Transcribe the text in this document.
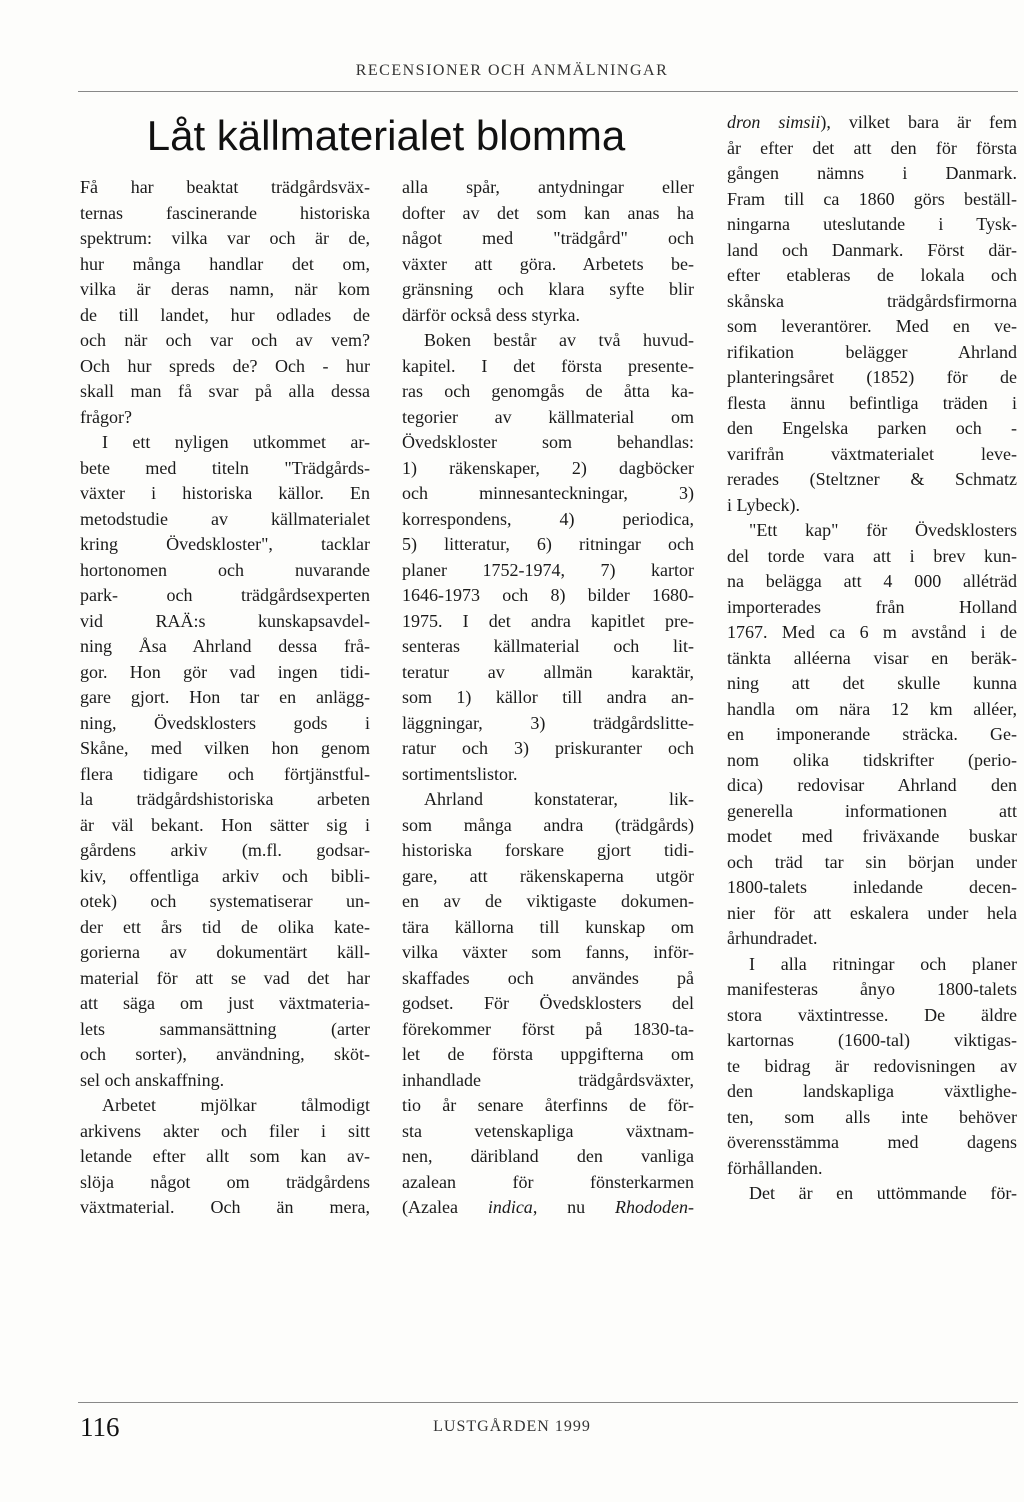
RECENSIONER OCH ANMÄLNINGAR
Låt källmaterialet blomma
Få har beaktat trädgårdsväx-
ternas fascinerande historiska
spektrum: vilka var och är de,
hur många handlar det om,
vilka är deras namn, när kom
de till landet, hur odlades de
och när och var och av vem?
Och hur spreds de? Och - hur
skall man få svar på alla dessa
frågor?
I ett nyligen utkommet ar-
bete med titeln "Trädgårds-
växter i historiska källor. En
metodstudie av källmaterialet
kring Övedskloster", tacklar
hortonomen och nuvarande
park- och trädgårdsexperten
vid RAÄ:s kunskapsavdel-
ning Åsa Ahrland dessa frå-
gor. Hon gör vad ingen tidi-
gare gjort. Hon tar en anlägg-
ning, Övedsklosters gods i
Skåne, med vilken hon genom
flera tidigare och förtjänstful-
la trädgårdshistoriska arbeten
är väl bekant. Hon sätter sig i
gårdens arkiv (m.fl. godsar-
kiv, offentliga arkiv och bibli-
otek) och systematiserar un-
der ett års tid de olika kate-
gorierna av dokumentärt käll-
material för att se vad det har
att säga om just växtmateria-
lets sammansättning (arter
och sorter), användning, sköt-
sel och anskaffning.
Arbetet mjölkar tålmodigt
arkivens akter och filer i sitt
letande efter allt som kan av-
slöja något om trädgårdens
växtmaterial. Och än mera,
alla spår, antydningar eller
dofter av det som kan anas ha
något med "trädgård" och
växter att göra. Arbetets be-
gränsning och klara syfte blir
därför också dess styrka.
Boken består av två huvud-
kapitel. I det första presente-
ras och genomgås de åtta ka-
tegorier av källmaterial om
Övedskloster som behandlas:
1) räkenskaper, 2) dagböcker
och minnesanteckningar, 3)
korrespondens, 4) periodica,
5) litteratur, 6) ritningar och
planer 1752-1974, 7) kartor
1646-1973 och 8) bilder 1680-
1975. I det andra kapitlet pre-
senteras källmaterial och lit-
teratur av allmän karaktär,
som 1) källor till andra an-
läggningar, 3) trädgårdslitte-
ratur och 3) priskuranter och
sortimentslistor.
Ahrland konstaterar, lik-
som många andra (trädgårds)
historiska forskare gjort tidi-
gare, att räkenskaperna utgör
en av de viktigaste dokumen-
tära källorna till kunskap om
vilka växter som fanns, inför-
skaffades och användes på
godset. För Övedsklosters del
förekommer först på 1830-ta-
let de första uppgifterna om
inhandlade trädgårdsväxter,
tio år senare återfinns de för-
sta vetenskapliga växtnam-
nen, däribland den vanliga
azalean för fönsterkarmen
(Azalea indica, nu Rhododen-
dron simsii), vilket bara är fem
år efter det att den för första
gången nämns i Danmark.
Fram till ca 1860 görs beställ-
ningarna uteslutande i Tysk-
land och Danmark. Först där-
efter etableras de lokala och
skånska trädgårdsfirmorna
som leverantörer. Med en ve-
rifikation belägger Ahrland
planteringsåret (1852) för de
flesta ännu befintliga träden i
den Engelska parken och -
varifrån växtmaterialet leve-
rerades (Steltzner & Schmatz
i Lybeck).
"Ett kap" för Övedsklosters
del torde vara att i brev kun-
na belägga att 4 000 alléträd
importerades från Holland
1767. Med ca 6 m avstånd i de
tänkta alléerna visar en beräk-
ning att det skulle kunna
handla om nära 12 km alléer,
en imponerande sträcka. Ge-
nom olika tidskrifter (perio-
dica) redovisar Ahrland den
generella informationen att
modet med friväxande buskar
och träd tar sin början under
1800-talets inledande decen-
nier för att eskalera under hela
århundradet.
I alla ritningar och planer
manifesteras ånyo 1800-talets
stora växtintresse. De äldre
kartornas (1600-tal) viktigas-
te bidrag är redovisningen av
den landskapliga växtlighe-
ten, som alls inte behöver
överensstämma med dagens
förhållanden.
Det är en uttömmande för-
116	LUSTGÅRDEN 1999
